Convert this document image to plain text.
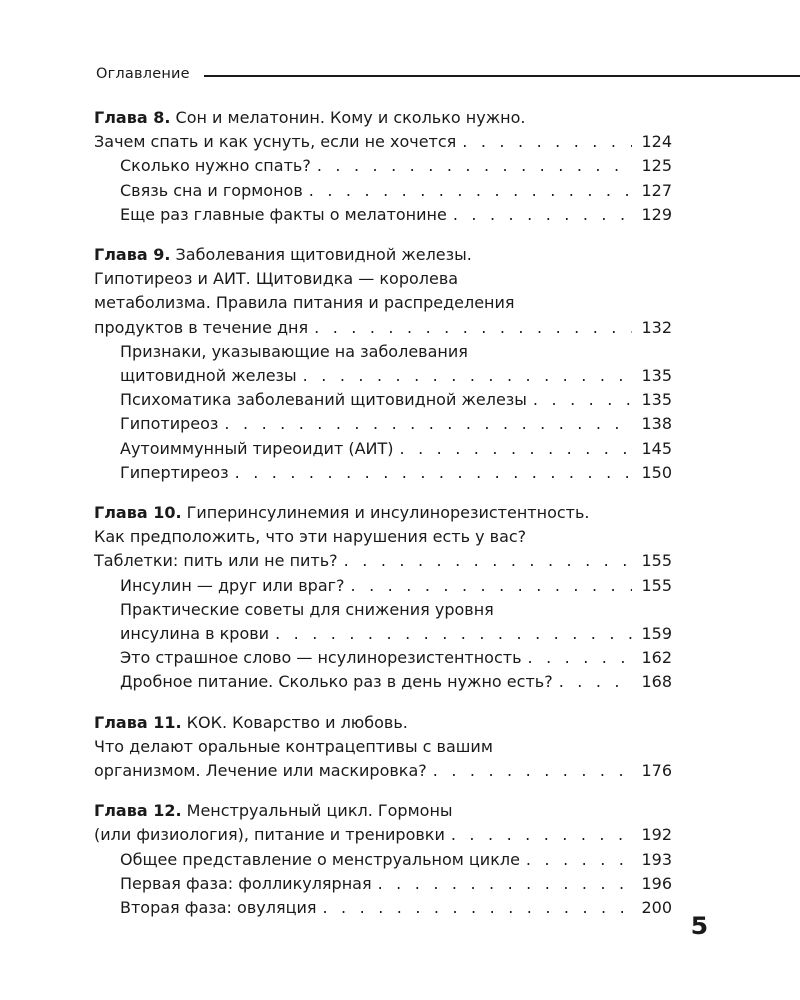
Оглавление
Глава 8. Сон и мелатонин. Кому и сколько нужно.
Зачем спать и как уснуть, если не хочется . . .	124
Сколько нужно спать? . . .	125
Связь сна и гормонов . . .	127
Еще раз главные факты о мелатонине . . .	129
Глава 9. Заболевания щитовидной железы.
Гипотиреоз и АИТ. Щитовидка — королева
метаболизма. Правила питания и распределения
продуктов в течение дня . . .	132
Признаки, указывающие на заболевания
щитовидной железы . . .	135
Психоматика заболеваний щитовидной железы . . .	135
Гипотиреоз . . .	138
Аутоиммунный тиреоидит (АИТ) . . .	145
Гипертиреоз . . .	150
Глава 10. Гиперинсулинемия и инсулинорезистентность.
Как предположить, что эти нарушения есть у вас?
Таблетки: пить или не пить? . . .	155
Инсулин — друг или враг? . . .	155
Практические советы для снижения уровня
инсулина в крови . . .	159
Это страшное слово — нсулинорезистентность . . .	162
Дробное питание. Сколько раз в день нужно есть? . . .	168
Глава 11. КОК. Коварство и любовь.
Что делают оральные контрацептивы с вашим
организмом. Лечение или маскировка? . . .	176
Глава 12. Менструальный цикл. Гормоны
(или физиология), питание и тренировки . . .	192
Общее представление о менструальном цикле . . .	193
Первая фаза: фолликулярная . . .	196
Вторая фаза: овуляция . . .	200
5
